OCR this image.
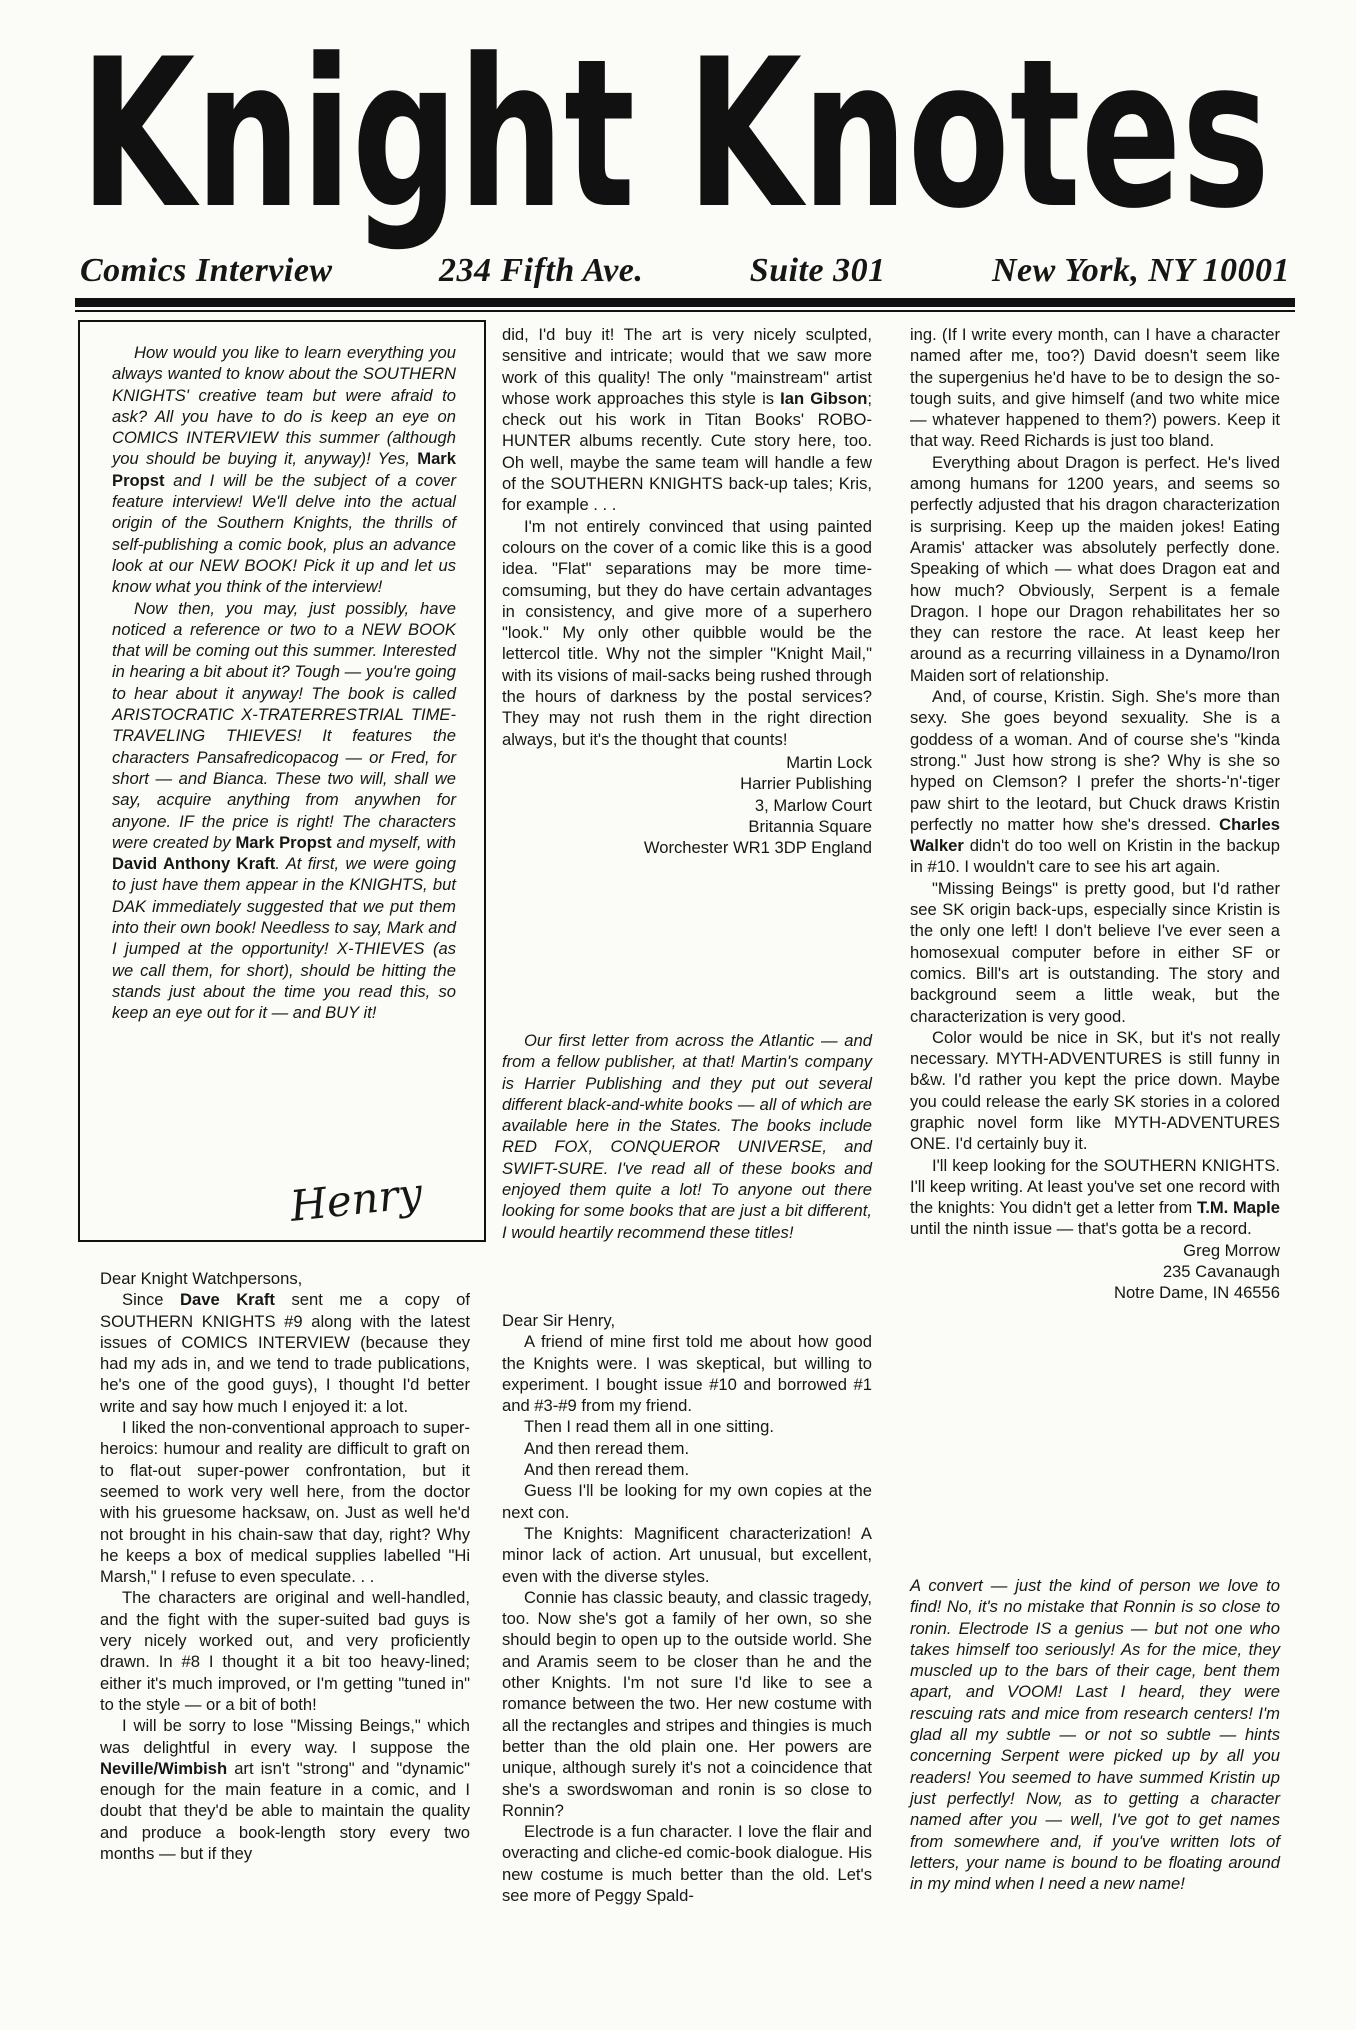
Knight Knotes
Comics Interview	234 Fifth Ave.	Suite 301	New York, NY 10001

How would you like to learn everything you always wanted to know about the SOUTHERN KNIGHTS' creative team but were afraid to ask? All you have to do is keep an eye on COMICS INTERVIEW this summer (although you should be buying it, anyway)! Yes, Mark Propst and I will be the subject of a cover feature interview! We'll delve into the actual origin of the Southern Knights, the thrills of self-publishing a comic book, plus an advance look at our NEW BOOK! Pick it up and let us know what you think of the interview!

Now then, you may, just possibly, have noticed a reference or two to a NEW BOOK that will be coming out this summer. Interested in hearing a bit about it? Tough — you're going to hear about it anyway! The book is called ARISTOCRATIC X-TRATERRESTRIAL TIME-TRAVELING THIEVES! It features the characters Pansafredicopacog — or Fred, for short — and Bianca. These two will, shall we say, acquire anything from anywhen for anyone. IF the price is right! The characters were created by Mark Propst and myself, with David Anthony Kraft. At first, we were going to just have them appear in the KNIGHTS, but DAK immediately suggested that we put them into their own book! Needless to say, Mark and I jumped at the opportunity! X-THIEVES (as we call them, for short), should be hitting the stands just about the time you read this, so keep an eye out for it — and BUY it!

Henry

Dear Knight Watchpersons,

Since Dave Kraft sent me a copy of SOUTHERN KNIGHTS #9 along with the latest issues of COMICS INTERVIEW (because they had my ads in, and we tend to trade publications, he's one of the good guys), I thought I'd better write and say how much I enjoyed it: a lot.

I liked the non-conventional approach to super-heroics: humour and reality are difficult to graft on to flat-out super-power confrontation, but it seemed to work very well here, from the doctor with his gruesome hacksaw, on. Just as well he'd not brought in his chain-saw that day, right? Why he keeps a box of medical supplies labelled "Hi Marsh," I refuse to even speculate. . .

The characters are original and well-handled, and the fight with the super-suited bad guys is very nicely worked out, and very proficiently drawn. In #8 I thought it a bit too heavy-lined; either it's much improved, or I'm getting "tuned in" to the style — or a bit of both!

I will be sorry to lose "Missing Beings," which was delightful in every way. I suppose the Neville/Wimbish art isn't "strong" and "dynamic" enough for the main feature in a comic, and I doubt that they'd be able to maintain the quality and produce a book-length story every two months — but if they

did, I'd buy it! The art is very nicely sculpted, sensitive and intricate; would that we saw more work of this quality! The only "mainstream" artist whose work approaches this style is Ian Gibson; check out his work in Titan Books' ROBO-HUNTER albums recently. Cute story here, too. Oh well, maybe the same team will handle a few of the SOUTHERN KNIGHTS back-up tales; Kris, for example . . .

I'm not entirely convinced that using painted colours on the cover of a comic like this is a good idea. "Flat" separations may be more time-comsuming, but they do have certain advantages in consistency, and give more of a superhero "look." My only other quibble would be the lettercol title. Why not the simpler "Knight Mail," with its visions of mail-sacks being rushed through the hours of darkness by the postal services? They may not rush them in the right direction always, but it's the thought that counts!

Martin Lock

Harrier Publishing

3, Marlow Court

Britannia Square

Worchester WR1 3DP England

Our first letter from across the Atlantic — and from a fellow publisher, at that! Martin's company is Harrier Publishing and they put out several different black-and-white books — all of which are available here in the States. The books include RED FOX, CONQUEROR UNIVERSE, and SWIFT-SURE. I've read all of these books and enjoyed them quite a lot! To anyone out there looking for some books that are just a bit different, I would heartily recommend these titles!

Dear Sir Henry,

A friend of mine first told me about how good the Knights were. I was skeptical, but willing to experiment. I bought issue #10 and borrowed #1 and #3-#9 from my friend.

Then I read them all in one sitting.

And then reread them.

And then reread them.

Guess I'll be looking for my own copies at the next con.

The Knights: Magnificent characterization! A minor lack of action. Art unusual, but excellent, even with the diverse styles.

Connie has classic beauty, and classic tragedy, too. Now she's got a family of her own, so she should begin to open up to the outside world. She and Aramis seem to be closer than he and the other Knights. I'm not sure I'd like to see a romance between the two. Her new costume with all the rectangles and stripes and thingies is much better than the old plain one. Her powers are unique, although surely it's not a coincidence that she's a swordswoman and ronin is so close to Ronnin?

Electrode is a fun character. I love the flair and overacting and cliche-ed comic-book dialogue. His new costume is much better than the old. Let's see more of Peggy Spald-

ing. (If I write every month, can I have a character named after me, too?) David doesn't seem like the supergenius he'd have to be to design the so-tough suits, and give himself (and two white mice — whatever happened to them?) powers. Keep it that way. Reed Richards is just too bland.

Everything about Dragon is perfect. He's lived among humans for 1200 years, and seems so perfectly adjusted that his dragon characterization is surprising. Keep up the maiden jokes! Eating Aramis' attacker was absolutely perfectly done. Speaking of which — what does Dragon eat and how much? Obviously, Serpent is a female Dragon. I hope our Dragon rehabilitates her so they can restore the race. At least keep her around as a recurring villainess in a Dynamo/Iron Maiden sort of relationship.

And, of course, Kristin. Sigh. She's more than sexy. She goes beyond sexuality. She is a goddess of a woman. And of course she's "kinda strong." Just how strong is she? Why is she so hyped on Clemson? I prefer the shorts-'n'-tiger paw shirt to the leotard, but Chuck draws Kristin perfectly no matter how she's dressed. Charles Walker didn't do too well on Kristin in the backup in #10. I wouldn't care to see his art again.

"Missing Beings" is pretty good, but I'd rather see SK origin back-ups, especially since Kristin is the only one left! I don't believe I've ever seen a homosexual computer before in either SF or comics. Bill's art is outstanding. The story and background seem a little weak, but the characterization is very good.

Color would be nice in SK, but it's not really necessary. MYTH-ADVENTURES is still funny in b&w. I'd rather you kept the price down. Maybe you could release the early SK stories in a colored graphic novel form like MYTH-ADVENTURES ONE. I'd certainly buy it.

I'll keep looking for the SOUTHERN KNIGHTS. I'll keep writing. At least you've set one record with the knights: You didn't get a letter from T.M. Maple until the ninth issue — that's gotta be a record.

Greg Morrow

235 Cavanaugh

Notre Dame, IN 46556

A convert — just the kind of person we love to find! No, it's no mistake that Ronnin is so close to ronin. Electrode IS a genius — but not one who takes himself too seriously! As for the mice, they muscled up to the bars of their cage, bent them apart, and VOOM! Last I heard, they were rescuing rats and mice from research centers! I'm glad all my subtle — or not so subtle — hints concerning Serpent were picked up by all you readers! You seemed to have summed Kristin up just perfectly! Now, as to getting a character named after you — well, I've got to get names from somewhere and, if you've written lots of letters, your name is bound to be floating around in my mind when I need a new name!
